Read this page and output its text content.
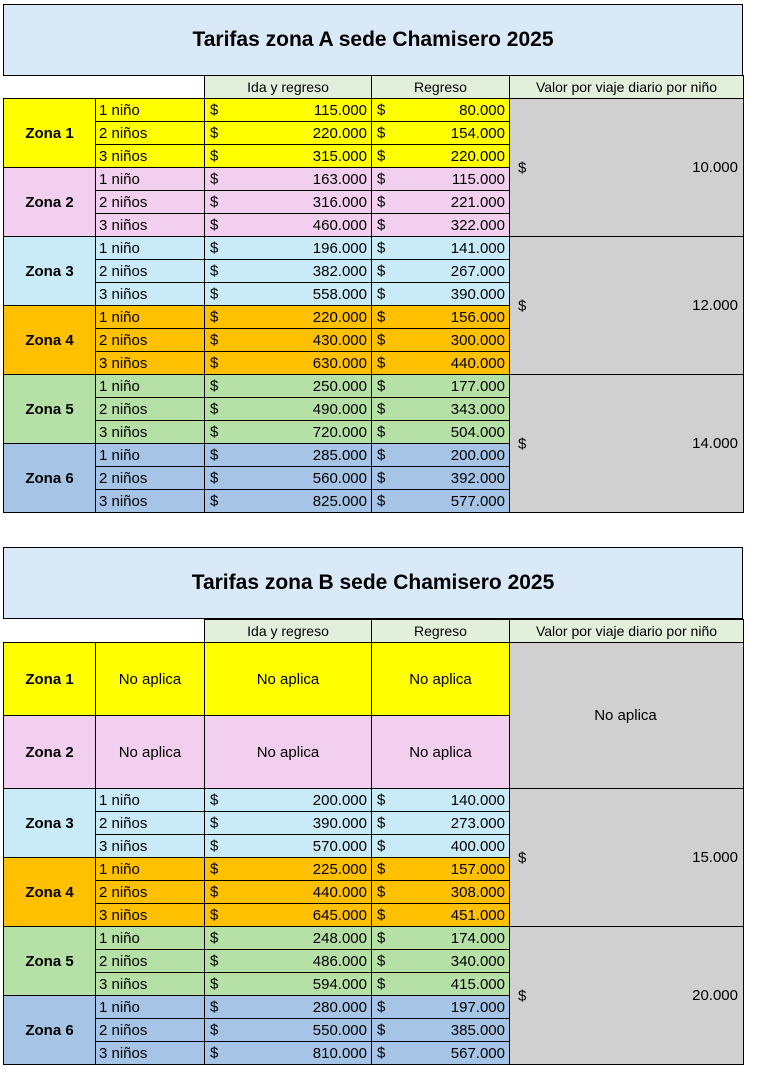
Tarifas zona A sede Chamisero 2025
		Ida y regreso	Regreso	Valor por viaje diario por niño
Zona 1	1 niño	$ 115.000	$ 80.000	$ 10.000
	2 niños	$ 220.000	$ 154.000	
	3 niños	$ 315.000	$ 220.000	
Zona 2	1 niño	$ 163.000	$ 115.000	
	2 niños	$ 316.000	$ 221.000	
	3 niños	$ 460.000	$ 322.000	
Zona 3	1 niño	$ 196.000	$ 141.000	$ 12.000
	2 niños	$ 382.000	$ 267.000	
	3 niños	$ 558.000	$ 390.000	
Zona 4	1 niño	$ 220.000	$ 156.000	
	2 niños	$ 430.000	$ 300.000	
	3 niños	$ 630.000	$ 440.000	
Zona 5	1 niño	$ 250.000	$ 177.000	$ 14.000
	2 niños	$ 490.000	$ 343.000	
	3 niños	$ 720.000	$ 504.000	
Zona 6	1 niño	$ 285.000	$ 200.000	
	2 niños	$ 560.000	$ 392.000	
	3 niños	$ 825.000	$ 577.000	
Tarifas zona B sede Chamisero 2025
		Ida y regreso	Regreso	Valor por viaje diario por niño
Zona 1	No aplica	No aplica	No aplica	No aplica
Zona 2	No aplica	No aplica	No aplica	
Zona 3	1 niño	$ 200.000	$ 140.000	$ 15.000
	2 niños	$ 390.000	$ 273.000	
	3 niños	$ 570.000	$ 400.000	
Zona 4	1 niño	$ 225.000	$ 157.000	
	2 niños	$ 440.000	$ 308.000	
	3 niños	$ 645.000	$ 451.000	
Zona 5	1 niño	$ 248.000	$ 174.000	$ 20.000
	2 niños	$ 486.000	$ 340.000	
	3 niños	$ 594.000	$ 415.000	
Zona 6	1 niño	$ 280.000	$ 197.000	
	2 niños	$ 550.000	$ 385.000	
	3 niños	$ 810.000	$ 567.000	
